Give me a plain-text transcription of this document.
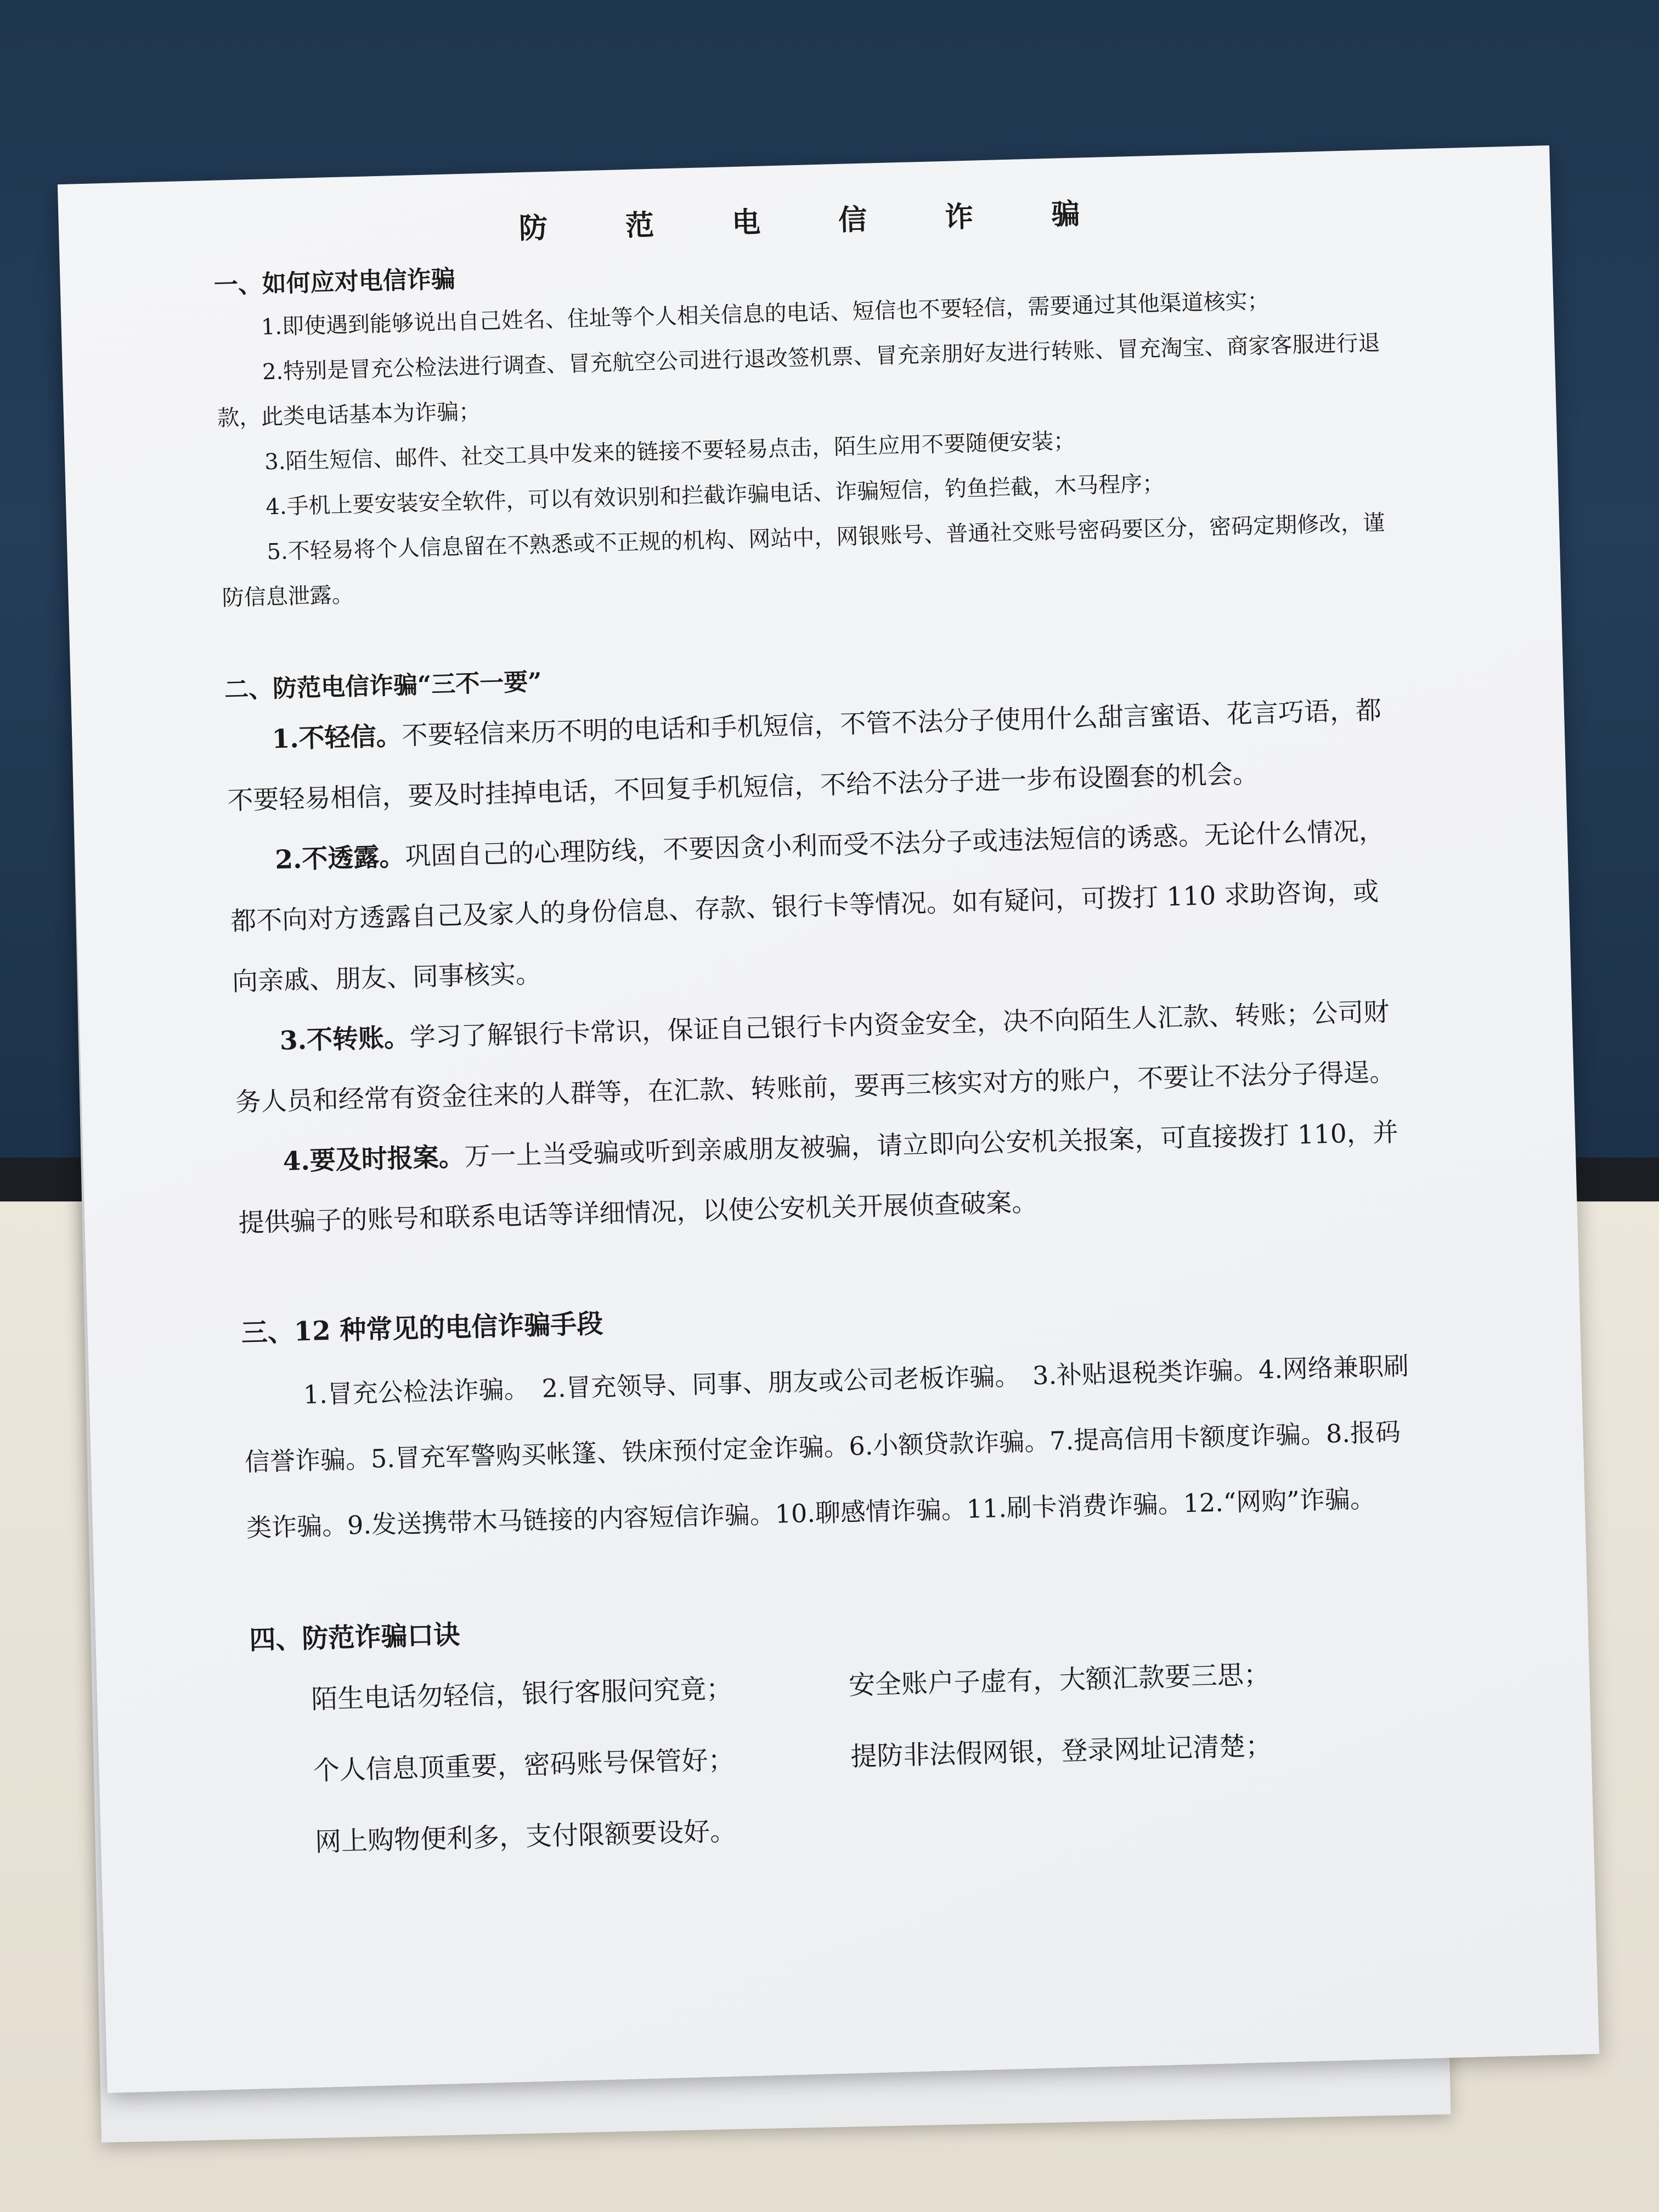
防 范 电 信 诈 骗
一、如何应对电信诈骗

1.即使遇到能够说出自己姓名、住址等个人相关信息的电话、短信也不要轻信，需要通过其他渠道核实；

2.特别是冒充公检法进行调查、冒充航空公司进行退改签机票、冒充亲朋好友进行转账、冒充淘宝、商家客服进行退款，此类电话基本为诈骗；

3.陌生短信、邮件、社交工具中发来的链接不要轻易点击，陌生应用不要随便安装；

4.手机上要安装安全软件，可以有效识别和拦截诈骗电话、诈骗短信，钓鱼拦截，木马程序；

5.不轻易将个人信息留在不熟悉或不正规的机构、网站中，网银账号、普通社交账号密码要区分，密码定期修改，谨防信息泄露。

二、防范电信诈骗“三不一要”

1.不轻信。不要轻信来历不明的电话和手机短信，不管不法分子使用什么甜言蜜语、花言巧语，都不要轻易相信，要及时挂掉电话，不回复手机短信，不给不法分子进一步布设圈套的机会。

2.不透露。巩固自己的心理防线，不要因贪小利而受不法分子或违法短信的诱惑。无论什么情况，都不向对方透露自己及家人的身份信息、存款、银行卡等情况。如有疑问，可拨打 110 求助咨询，或向亲戚、朋友、同事核实。

3.不转账。学习了解银行卡常识，保证自己银行卡内资金安全，决不向陌生人汇款、转账；公司财务人员和经常有资金往来的人群等，在汇款、转账前，要再三核实对方的账户，不要让不法分子得逞。

4.要及时报案。万一上当受骗或听到亲戚朋友被骗，请立即向公安机关报案，可直接拨打 110，并提供骗子的账号和联系电话等详细情况，以使公安机关开展侦查破案。

三、12 种常见的电信诈骗手段

1.冒充公检法诈骗。　2.冒充领导、同事、朋友或公司老板诈骗。　3.补贴退税类诈骗。4.网络兼职刷信誉诈骗。5.冒充军警购买帐篷、铁床预付定金诈骗。6.小额贷款诈骗。7.提高信用卡额度诈骗。8.报码类诈骗。9.发送携带木马链接的内容短信诈骗。10.聊感情诈骗。11.刷卡消费诈骗。12.“网购”诈骗。

四、防范诈骗口诀
陌生电话勿轻信，银行客服问究竟；	安全账户子虚有，大额汇款要三思；
个人信息顶重要，密码账号保管好；	提防非法假网银，登录网址记清楚；
网上购物便利多，支付限额要设好。
